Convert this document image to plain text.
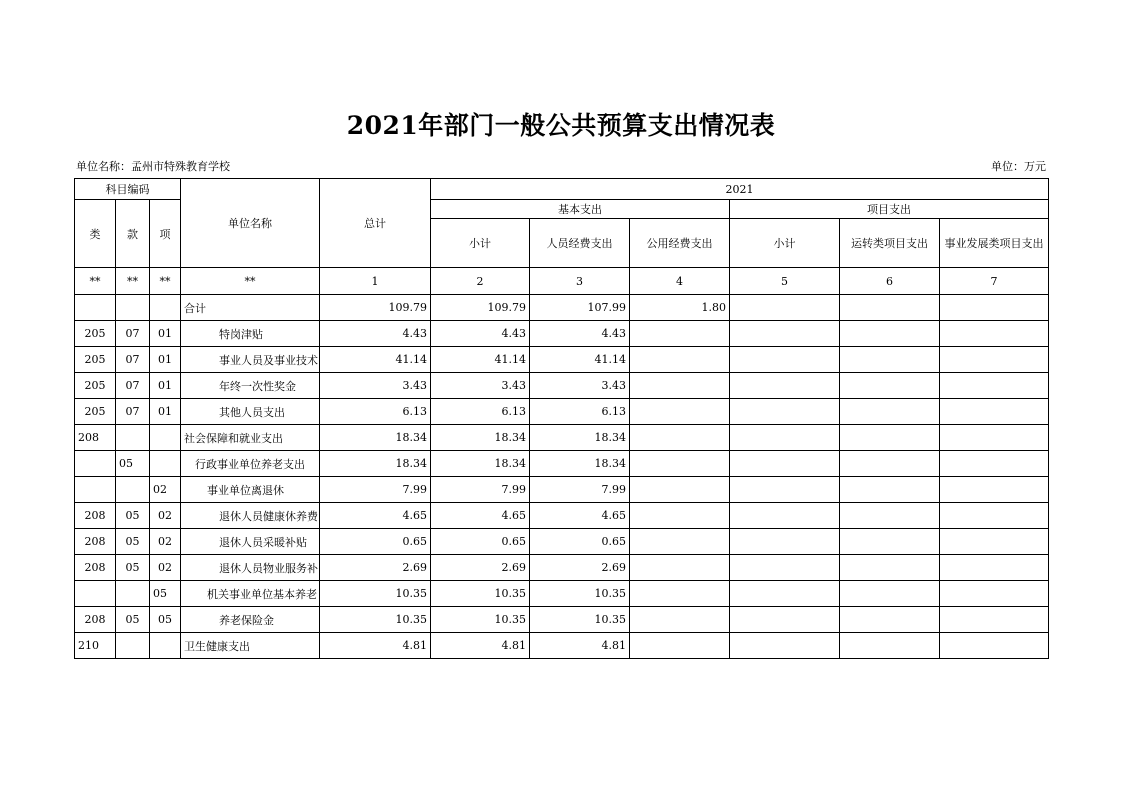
2021年部门一般公共预算支出情况表
单位名称：孟州市特殊教育学校	单位：万元
科目编码			单位名称	总计	2021					
类	款	项			基本支出			项目支出		
					小计	人员经费支出	公用经费支出	小计	运转类项目支出	事业发展类项目支出
**	**	**	**	1	2	3	4	5	6	7
			合计	109.79	109.79	107.99	1.80			
205	07	01	特岗津贴	4.43	4.43	4.43				
205	07	01	事业人员及事业技术	41.14	41.14	41.14				
205	07	01	年终一次性奖金	3.43	3.43	3.43				
205	07	01	其他人员支出	6.13	6.13	6.13				
208			社会保障和就业支出	18.34	18.34	18.34				
	05		行政事业单位养老支出	18.34	18.34	18.34				
		02	事业单位离退休	7.99	7.99	7.99				
208	05	02	退休人员健康休养费	4.65	4.65	4.65				
208	05	02	退休人员采暖补贴	0.65	0.65	0.65				
208	05	02	退休人员物业服务补	2.69	2.69	2.69				
		05	机关事业单位基本养老	10.35	10.35	10.35				
208	05	05	养老保险金	10.35	10.35	10.35				
210			卫生健康支出	4.81	4.81	4.81				
